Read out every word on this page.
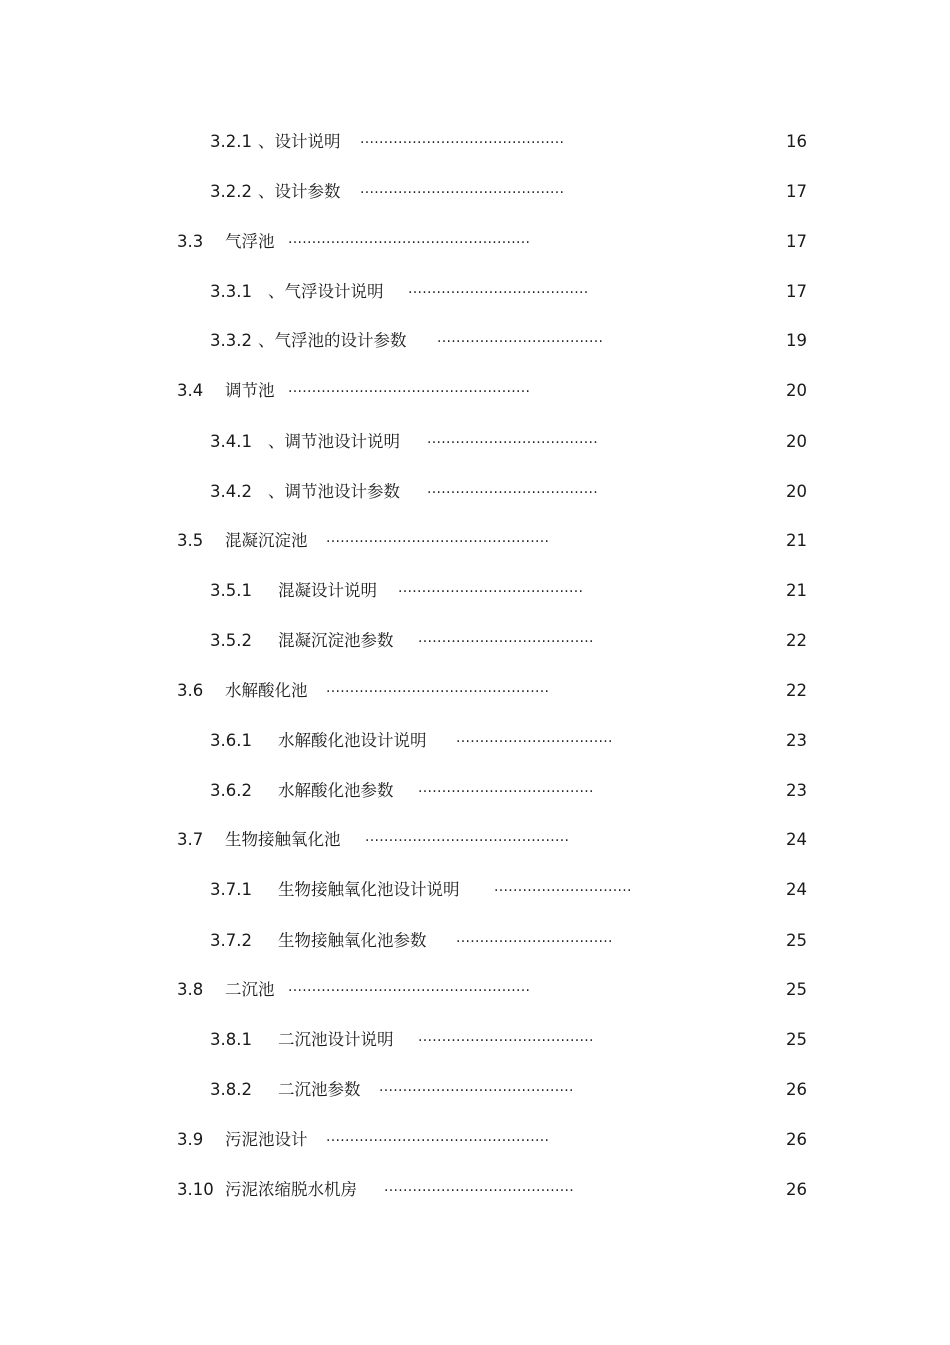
3.2.1 、设计说明 ...........................................	16
3.2.2 、设计参数 ...........................................	17
3.3 气浮池 ...................................................	17
3.3.1 、气浮设计说明 ......................................	17
3.3.2 、气浮池的设计参数 ...................................	19
3.4 调节池 ...................................................	20
3.4.1 、调节池设计说明 ....................................	20
3.4.2 、调节池设计参数 ....................................	20
3.5 混凝沉淀池 ...............................................	21
3.5.1 混凝设计说明 .......................................	21
3.5.2 混凝沉淀池参数 .....................................	22
3.6 水解酸化池 ...............................................	22
3.6.1 水解酸化池设计说明 .................................	23
3.6.2 水解酸化池参数 .....................................	23
3.7 生物接触氧化池 ...........................................	24
3.7.1 生物接触氧化池设计说明 .............................	24
3.7.2 生物接触氧化池参数 .................................	25
3.8 二沉池 ...................................................	25
3.8.1 二沉池设计说明 .....................................	25
3.8.2 二沉池参数 .........................................	26
3.9 污泥池设计 ...............................................	26
3.10 污泥浓缩脱水机房 ........................................	26
